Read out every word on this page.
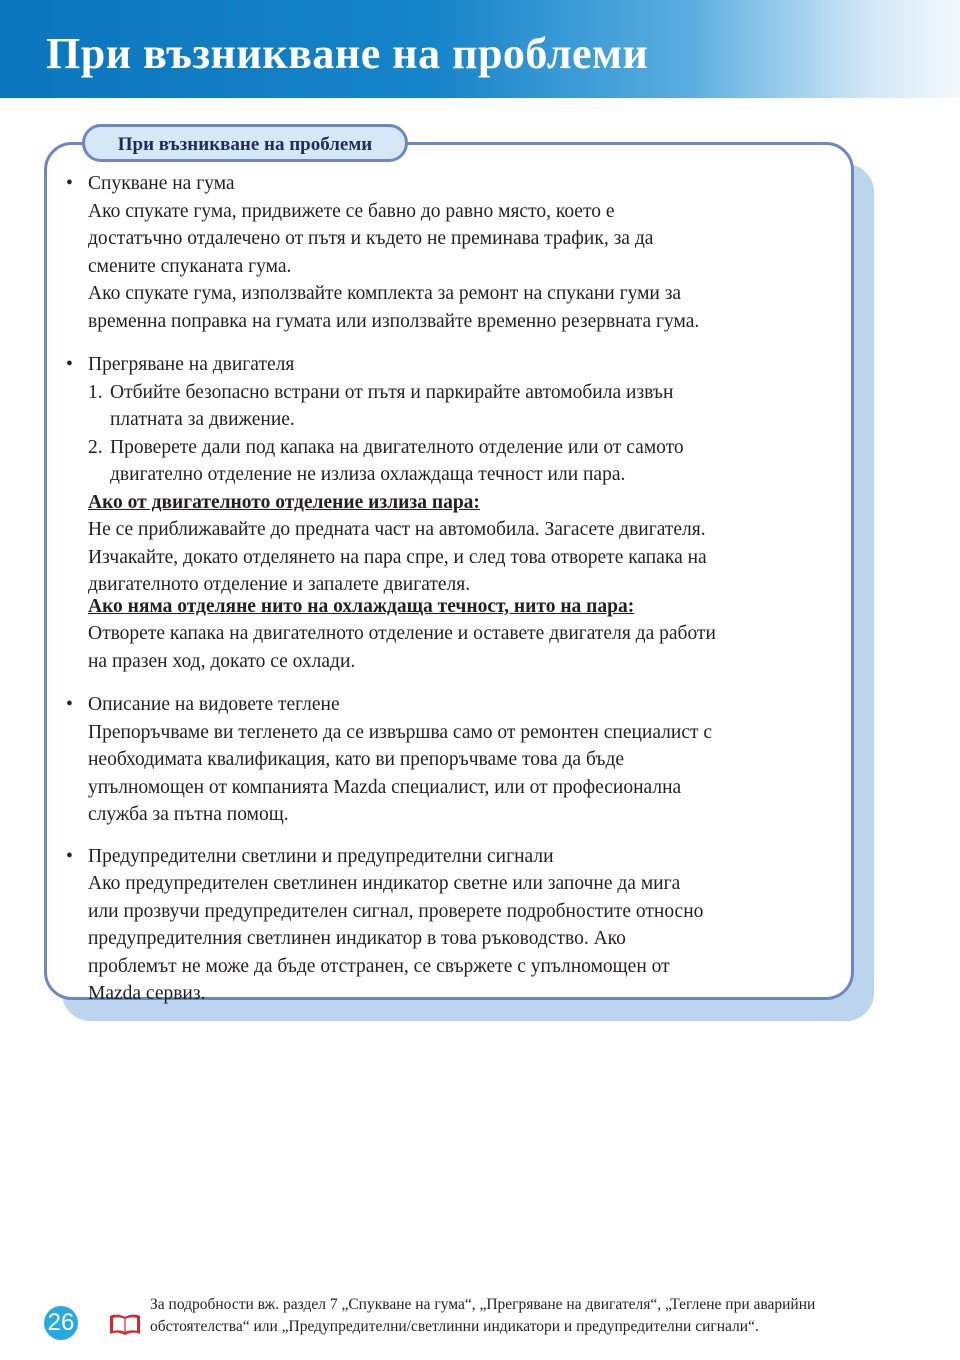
При възникване на проблеми
При възникване на проблеми
• Спукване на гума
Ако спукате гума, придвижете се бавно до равно място, което е
достатъчно отдалечено от пътя и където не преминава трафик, за да
смените спуканата гума.
Ако спукате гума, използвайте комплекта за ремонт на спукани гуми за
временна поправка на гумата или използвайте временно резервната гума.
• Прегряване на двигателя
1. Отбийте безопасно встрани от пътя и паркирайте автомобила извън
платната за движение.
2. Проверете дали под капака на двигателното отделение или от самото
двигателно отделение не излиза охлаждаща течност или пара.
Ако от двигателното отделение излиза пара:
Не се приближавайте до предната част на автомобила. Загасете двигателя.
Изчакайте, докато отделянето на пара спре, и след това отворете капака на
двигателното отделение и запалете двигателя.
Ако няма отделяне нито на охлаждаща течност, нито на пара:
Отворете капака на двигателното отделение и оставете двигателя да работи
на празен ход, докато се охлади.
• Описание на видовете теглене
Препоръчваме ви тегленето да се извършва само от ремонтен специалист с
необходимата квалификация, като ви препоръчваме това да бъде
упълномощен от компанията Mazda специалист, или от професионална
служба за пътна помощ.
• Предупредителни светлини и предупредителни сигнали
Ако предупредителен светлинен индикатор светне или започне да мига
или прозвучи предупредителен сигнал, проверете подробностите относно
предупредителния светлинен индикатор в това ръководство. Ако
проблемът не може да бъде отстранен, се свържете с упълномощен от
Mazda сервиз.
26
За подробности вж. раздел 7 „Спукване на гума“, „Прегряване на двигателя“, „Теглене при аварийни
обстоятелства“ или „Предупредителни/светлинни индикатори и предупредителни сигнали“.
